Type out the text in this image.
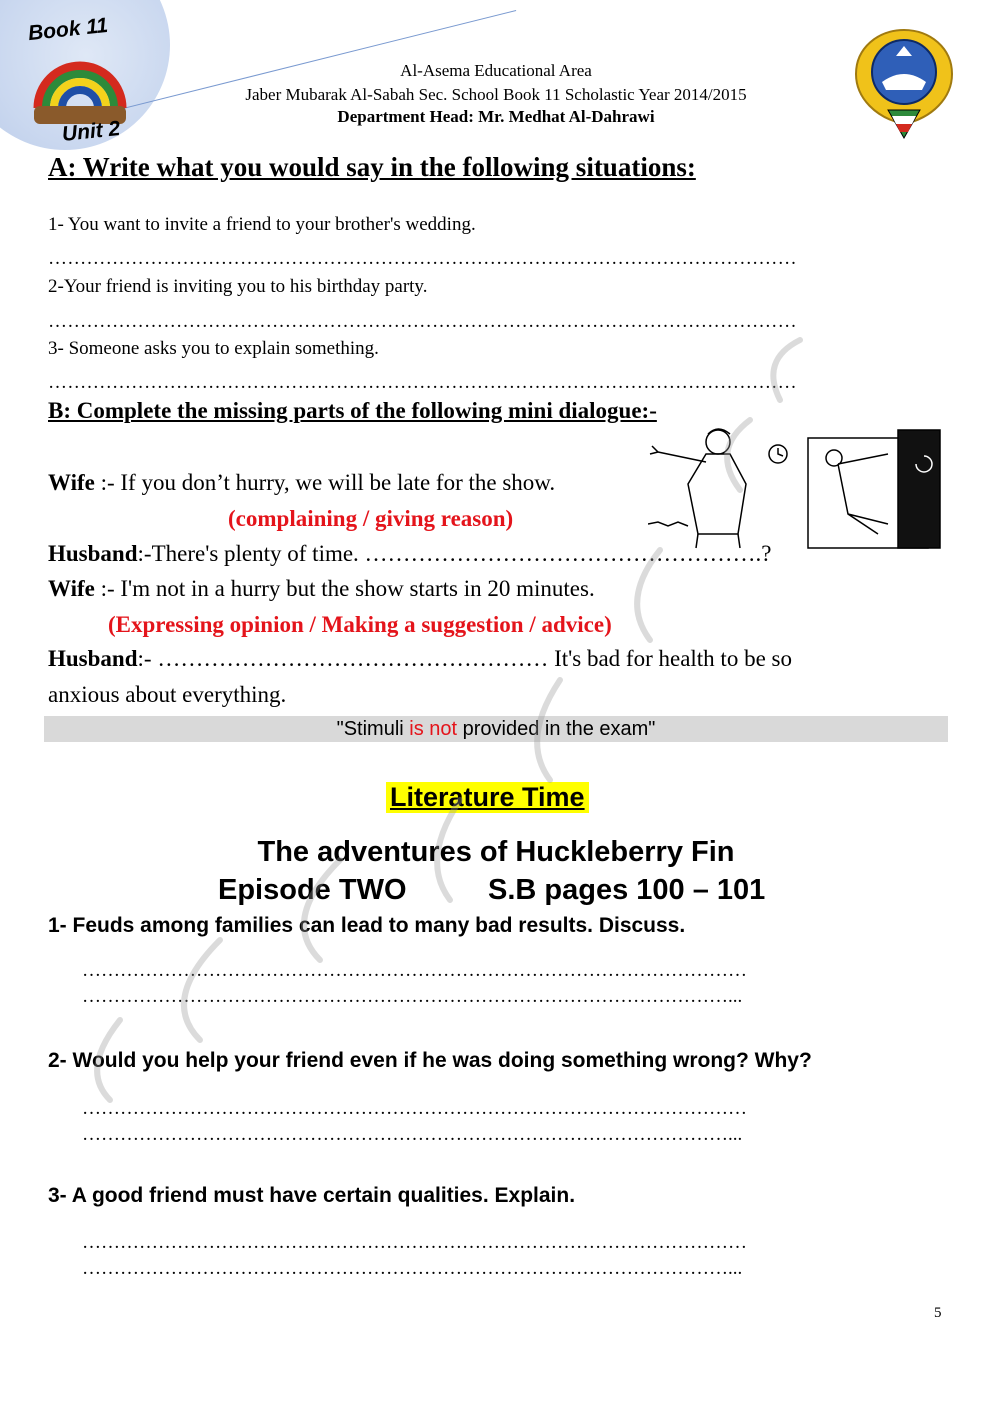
Book 11
Unit 2
Al-Asema Educational Area
Jaber Mubarak Al-Sabah Sec. School Book 11 Scholastic Year 2014/2015
Department Head: Mr. Medhat Al-Dahrawi
A: Write what you would say in the following situations:
1- You want to invite a friend to your brother's wedding.
………………………………………………………………………………………………………
2-Your friend is inviting you to his birthday party.
………………………………………………………………………………………………………
3- Someone asks you to explain something.
………………………………………………………………………………………………………
B: Complete the missing parts of the following mini dialogue:-
Wife :- If you don’t hurry, we will be late for the show.
(complaining / giving reason)
Husband:-There's plenty of time. …………………………………………….?
Wife :- I'm not in a hurry but the show starts in 20 minutes.
(Expressing opinion / Making a suggestion / advice)
Husband:- …………………………………………… It's bad for health to be so
anxious about everything.
"Stimuli is not provided in the exam"
Literature Time
The adventures of Huckleberry Fin
Episode TWO	S.B pages 100 – 101
1- Feuds among families can lead to many bad results. Discuss.
……………………………………………………………………………………………
…………………………………………………………………………………………...
2- Would you help your friend even if he was doing something wrong? Why?
……………………………………………………………………………………………
…………………………………………………………………………………………...
3- A good friend must have certain qualities. Explain.
……………………………………………………………………………………………
…………………………………………………………………………………………...
5
